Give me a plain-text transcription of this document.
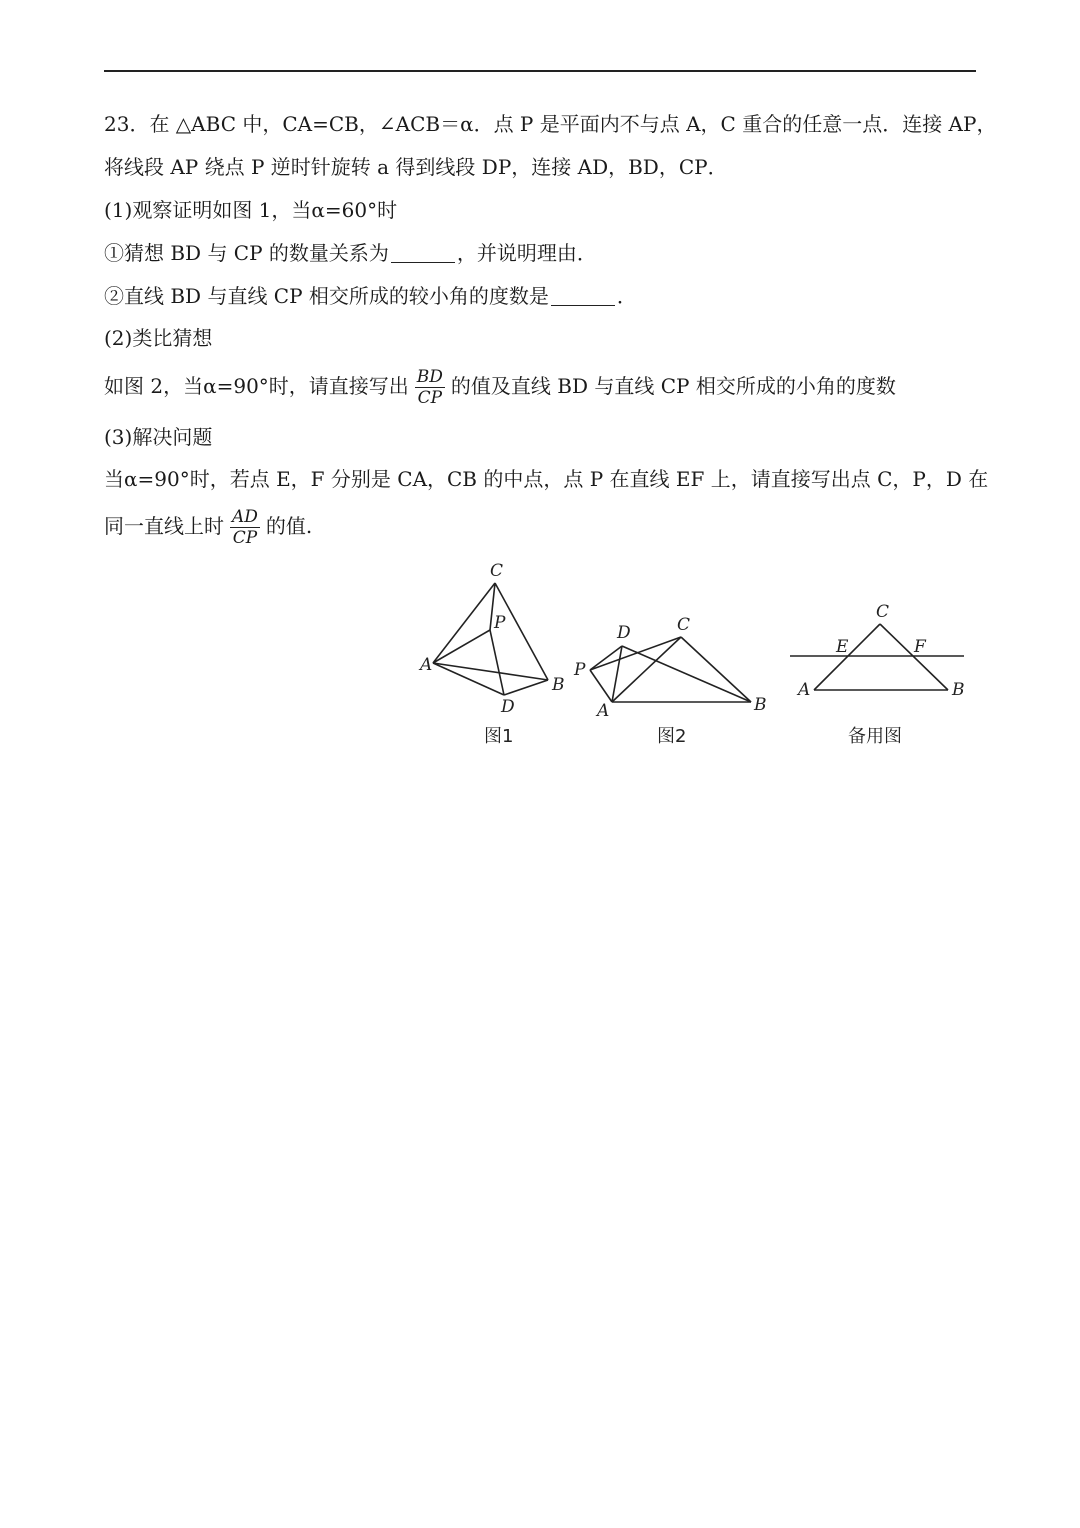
23．在 △ABC 中，CA=CB，∠ACB＝α．点 P 是平面内不与点 A，C 重合的任意一点．连接 AP，
将线段 AP 绕点 P 逆时针旋转 a 得到线段 DP，连接 AD，BD，CP．
(1)观察证明如图 1，当α=60°时
①猜想 BD 与 CP 的数量关系为	，并说明理由．
②直线 BD 与直线 CP 相交所成的较小角的度数是	．
(2)类比猜想
如图 2，当α=90°时，请直接写出 $\frac{BD}{CP}$ 的值及直线 BD 与直线 CP 相交所成的小角的度数
(3)解决问题
当α=90°时，若点 E，F 分别是 CA，CB 的中点，点 P 在直线 EF 上，请直接写出点 C，P，D 在
同一直线上时 $\frac{AD}{CP}$ 的值.
C
P
A
B
D
D	C
P
A	B
C
E	F
A	B
图1	图2	备用图
